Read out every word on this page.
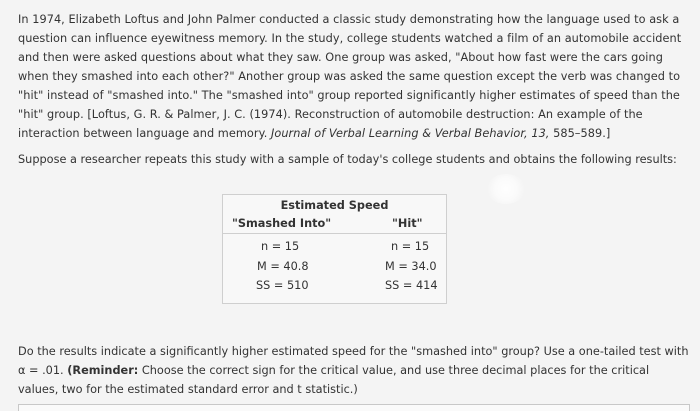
In 1974, Elizabeth Loftus and John Palmer conducted a classic study demonstrating how the language used to ask a question can influence eyewitness memory. In the study, college students watched a film of an automobile accident and then were asked questions about what they saw. One group was asked, "About how fast were the cars going when they smashed into each other?" Another group was asked the same question except the verb was changed to "hit" instead of "smashed into." The "smashed into" group reported significantly higher estimates of speed than the "hit" group. [Loftus, G. R. & Palmer, J. C. (1974). Reconstruction of automobile destruction: An example of the interaction between language and memory. Journal of Verbal Learning & Verbal Behavior, 13, 585–589.]
Suppose a researcher repeats this study with a sample of today's college students and obtains the following results:
Estimated Speed
"Smashed Into"	"Hit"
n = 15
M = 40.8
SS = 510
n = 15
M = 34.0
SS = 414
Do the results indicate a significantly higher estimated speed for the "smashed into" group? Use a one-tailed test with α = .01. (Reminder: Choose the correct sign for the critical value, and use three decimal places for the critical values, two for the estimated standard error and t statistic.)
